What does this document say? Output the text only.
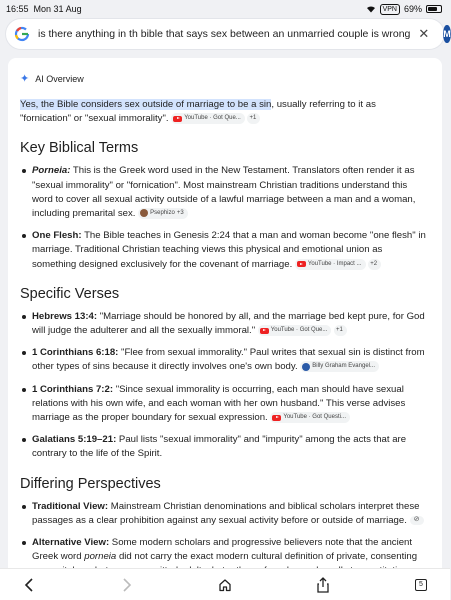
16:55 Mon 31 Aug	VPN 69%
is there anything in th bible that says sex between an unmarried couple is wrong ✕ M
✦ AI Overview

Yes, the Bible considers sex outside of marriage to be a sin, usually referring to it as "fornication" or "sexual immorality".	YouTube · Got Que... +1

Key Biblical Terms
Porneia: This is the Greek word used in the New Testament. Translators often render it as "sexual immorality" or "fornication". Most mainstream Christian traditions understand this word to cover all sexual activity outside of a lawful marriage between a man and a woman, including premarital sex. Psephizo +3
One Flesh: The Bible teaches in Genesis 2:24 that a man and woman become "one flesh" in marriage. Traditional Christian teaching views this physical and emotional union as something designed exclusively for the covenant of marriage.	YouTube · Impact ... +2
Specific Verses
Hebrews 13:4: "Marriage should be honored by all, and the marriage bed kept pure, for God will judge the adulterer and all the sexually immoral."	YouTube · Got Que... +1
1 Corinthians 6:18: "Flee from sexual immorality." Paul writes that sexual sin is distinct from other types of sins because it directly involves one's own body. Billy Graham Evangel...
1 Corinthians 7:2: "Since sexual immorality is occurring, each man should have sexual relations with his own wife, and each woman with her own husband." This verse advises marriage as the proper boundary for sexual expression.	YouTube · Got Questi...
Galatians 5:19–21: Paul lists "sexual immorality" and "impurity" among the acts that are contrary to the life of the Spirit.
Differing Perspectives
Traditional View: Mainstream Christian denominations and biblical scholars interpret these passages as a clear prohibition against any sexual activity before or outside of marriage. ⊘
Alternative View: Some modern scholars and progressive believers note that the ancient Greek word porneia did not carry the exact modern cultural definition of private, consenting
5
